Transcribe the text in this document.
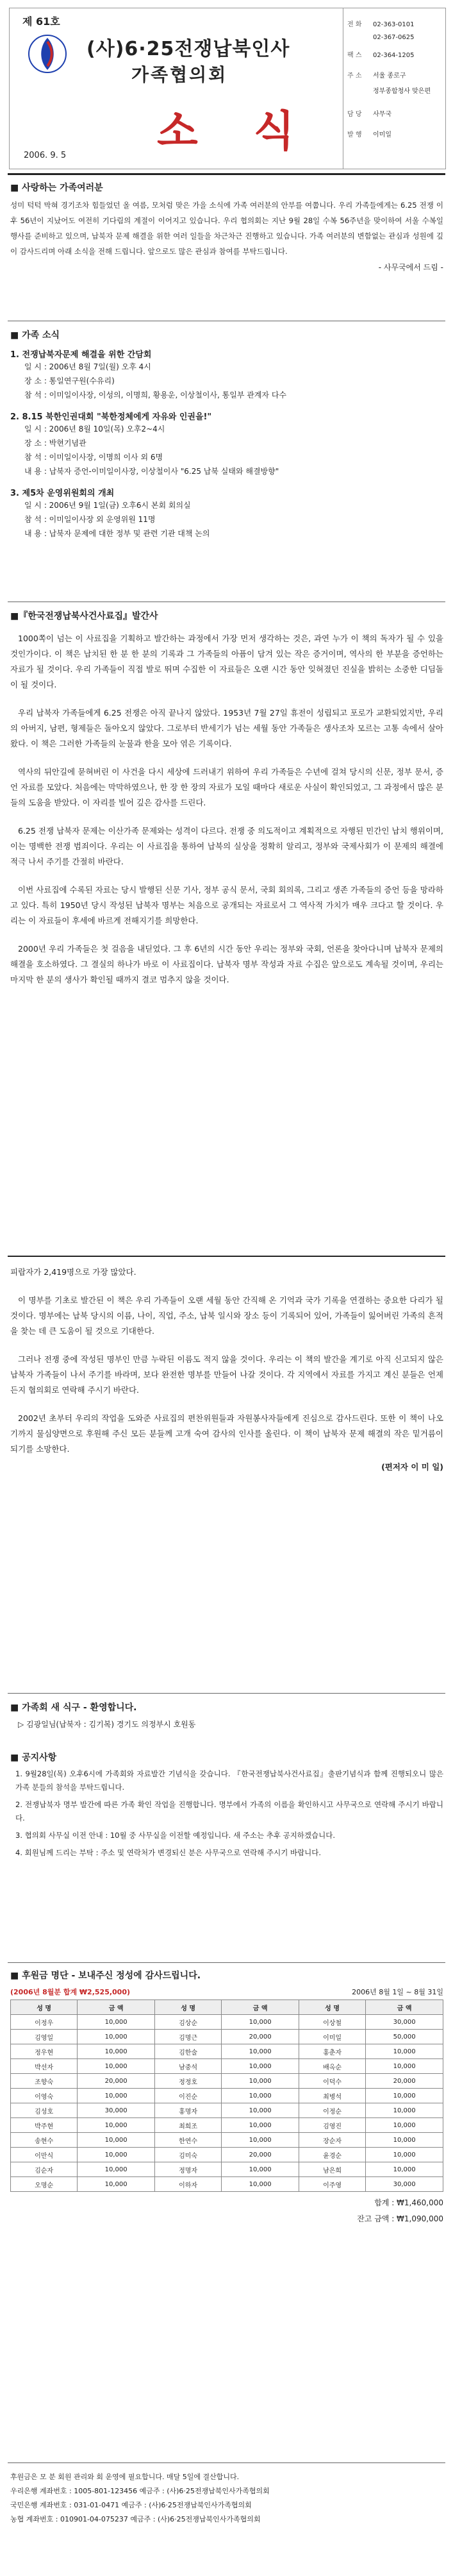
제 61호
(사)6·25전쟁납북인사
가족협의회
소 식
2006. 9. 5
전 화 02-363-0101
02-367-0625
팩 스 02-364-1205
주 소 서울 종로구
정부종합청사 맞은편
담 당 사무국
발 행 이미일
■ 사랑하는 가족여러분

성미 턱턱 막혀 경기조차 힘들었던 올 여름, 모처럼 맞은 가을 소식에 가족 여러분의 안부를 여쭙니다. 우리 가족들에게는 6.25 전쟁 이후 56년이 지났어도 여전히 기다림의 계절이 이어지고 있습니다. 우리 협의회는 지난 9월 28일 수복 56주년을 맞이하여 서울 수복일 행사를 준비하고 있으며, 납북자 문제 해결을 위한 여러 일들을 차근차근 진행하고 있습니다. 가족 여러분의 변함없는 관심과 성원에 깊이 감사드리며 아래 소식을 전해 드립니다. 앞으로도 많은 관심과 참여를 부탁드립니다.

- 사무국에서 드림 -
■ 가족 소식
1. 전쟁납북자문제 해결을 위한 간담회
일 시 : 2006년 8월 7일(월) 오후 4시
장 소 : 통일연구원(수유리)
참 석 : 이미일이사장, 이성의, 이명희, 황용운, 이상철이사, 통일부 관계자 다수
2. 8.15 북한인권대회 "북한정체에게 자유와 인권을!"
일 시 : 2006년 8월 10일(목) 오후2~4시
장 소 : 박현기념관
참 석 : 이미일이사장, 이명희 이사 외 6명
내 용 : 납북자 증언-이미일이사장, 이상철이사 "6.25 납북 실태와 해결방향"
3. 제5차 운영위원회의 개최
일 시 : 2006년 9월 1일(금) 오후6시 본회 회의실
참 석 : 이미일이사장 외 운영위원 11명
내 용 : 납북자 문제에 대한 정부 및 관련 기관 대책 논의
■『한국전쟁납북사건사료집』발간사

1000쪽이 넘는 이 사료집을 기획하고 발간하는 과정에서 가장 먼저 생각하는 것은, 과연 누가 이 책의 독자가 될 수 있을 것인가이다. 이 책은 납치된 한 분 한 분의 기록과 그 가족들의 아픔이 담겨 있는 작은 증거이며, 역사의 한 부분을 증언하는 자료가 될 것이다. 우리 가족들이 직접 발로 뛰며 수집한 이 자료들은 오랜 시간 동안 잊혀졌던 진실을 밝히는 소중한 디딤돌이 될 것이다.

우리 납북자 가족들에게 6.25 전쟁은 아직 끝나지 않았다. 1953년 7월 27일 휴전이 성립되고 포로가 교환되었지만, 우리의 아버지, 남편, 형제들은 돌아오지 않았다. 그로부터 반세기가 넘는 세월 동안 가족들은 생사조차 모르는 고통 속에서 살아왔다. 이 책은 그러한 가족들의 눈물과 한을 모아 엮은 기록이다.

역사의 뒤안길에 묻혀버린 이 사건을 다시 세상에 드러내기 위하여 우리 가족들은 수년에 걸쳐 당시의 신문, 정부 문서, 증언 자료를 모았다. 처음에는 막막하였으나, 한 장 한 장의 자료가 모일 때마다 새로운 사실이 확인되었고, 그 과정에서 많은 분들의 도움을 받았다. 이 자리를 빌어 깊은 감사를 드린다.

6.25 전쟁 납북자 문제는 이산가족 문제와는 성격이 다르다. 전쟁 중 의도적이고 계획적으로 자행된 민간인 납치 행위이며, 이는 명백한 전쟁 범죄이다. 우리는 이 사료집을 통하여 납북의 실상을 정확히 알리고, 정부와 국제사회가 이 문제의 해결에 적극 나서 주기를 간절히 바란다.

이번 사료집에 수록된 자료는 당시 발행된 신문 기사, 정부 공식 문서, 국회 회의록, 그리고 생존 가족들의 증언 등을 망라하고 있다. 특히 1950년 당시 작성된 납북자 명부는 처음으로 공개되는 자료로서 그 역사적 가치가 매우 크다고 할 것이다. 우리는 이 자료들이 후세에 바르게 전해지기를 희망한다.

2000년 우리 가족들은 첫 걸음을 내딛었다. 그 후 6년의 시간 동안 우리는 정부와 국회, 언론을 찾아다니며 납북자 문제의 해결을 호소하였다. 그 결실의 하나가 바로 이 사료집이다. 납북자 명부 작성과 자료 수집은 앞으로도 계속될 것이며, 우리는 마지막 한 분의 생사가 확인될 때까지 결코 멈추지 않을 것이다.

피랍자가 2,419명으로 가장 많았다.

이 명부를 기초로 발간된 이 책은 우리 가족들이 오랜 세월 동안 간직해 온 기억과 국가 기록을 연결하는 중요한 다리가 될 것이다. 명부에는 납북 당시의 이름, 나이, 직업, 주소, 납북 일시와 장소 등이 기록되어 있어, 가족들이 잃어버린 가족의 흔적을 찾는 데 큰 도움이 될 것으로 기대한다.

그러나 전쟁 중에 작성된 명부인 만큼 누락된 이름도 적지 않을 것이다. 우리는 이 책의 발간을 계기로 아직 신고되지 않은 납북자 가족들이 나서 주기를 바라며, 보다 완전한 명부를 만들어 나갈 것이다. 각 지역에서 자료를 가지고 계신 분들은 언제든지 협의회로 연락해 주시기 바란다.

2002년 초부터 우리의 작업을 도와준 사료집의 편찬위원들과 자원봉사자들에게 진심으로 감사드린다. 또한 이 책이 나오기까지 물심양면으로 후원해 주신 모든 분들께 고개 숙여 감사의 인사를 올린다. 이 책이 납북자 문제 해결의 작은 밑거름이 되기를 소망한다.

(편저자 이 미 일)
■ 가족회 새 식구 - 환영합니다.
▷ 김광일님(납북자 : 김기복) 경기도 의정부시 호원동
■ 공지사항

1. 9월28일(목) 오후6시에 가족회와 자료발간 기념식을 갖습니다. 『한국전쟁납북사건사료집』출판기념식과 함께 진행되오니 많은 가족 분들의 참석을 부탁드립니다.

2. 전쟁납북자 명부 발간에 따른 가족 확인 작업을 진행합니다. 명부에서 가족의 이름을 확인하시고 사무국으로 연락해 주시기 바랍니다.

3. 협의회 사무실 이전 안내 : 10월 중 사무실을 이전할 예정입니다. 새 주소는 추후 공지하겠습니다.

4. 회원님께 드리는 부탁 : 주소 및 연락처가 변경되신 분은 사무국으로 연락해 주시기 바랍니다.

■ 후원금 명단 - 보내주신 정성에 감사드립니다.
(2006년 8월분 합계 ₩2,525,000)	2006년 8월 1일 ~ 8월 31일
성 명	금 액	성 명	금 액	성 명	금 액
이정우	10,000	김상순	10,000	이상철	30,000
김영일	10,000	김명근	20,000	이미일	50,000
정우현	10,000	김한술	10,000	홍춘자	10,000
박선자	10,000	남중석	10,000	배옥순	10,000
조향숙	20,000	정정호	10,000	이덕수	20,000
이영숙	10,000	이진순	10,000	최병석	10,000
김성호	30,000	홍명자	10,000	이정순	10,000
박주현	10,000	최희조	10,000	김영진	10,000
송현수	10,000	한연수	10,000	장순자	10,000
이만식	10,000	김미숙	20,000	윤경순	10,000
김순자	10,000	정명자	10,000	남은희	10,000
오명순	10,000	이하자	10,000	이주영	30,000
합계 : ₩1,460,000
잔고 금액 : ₩1,090,000
후원금은 모 분 회원 관리와 회 운영에 필요합니다. 매달 5일에 결산합니다.
우리은행 계좌번호 : 1005-801-123456 예금주 : (사)6·25전쟁납북인사가족협의회
국민은행 계좌번호 : 031-01-0471 예금주 : (사)6·25전쟁납북인사가족협의회
농협 계좌번호 : 010901-04-075237 예금주 : (사)6·25전쟁납북인사가족협의회
